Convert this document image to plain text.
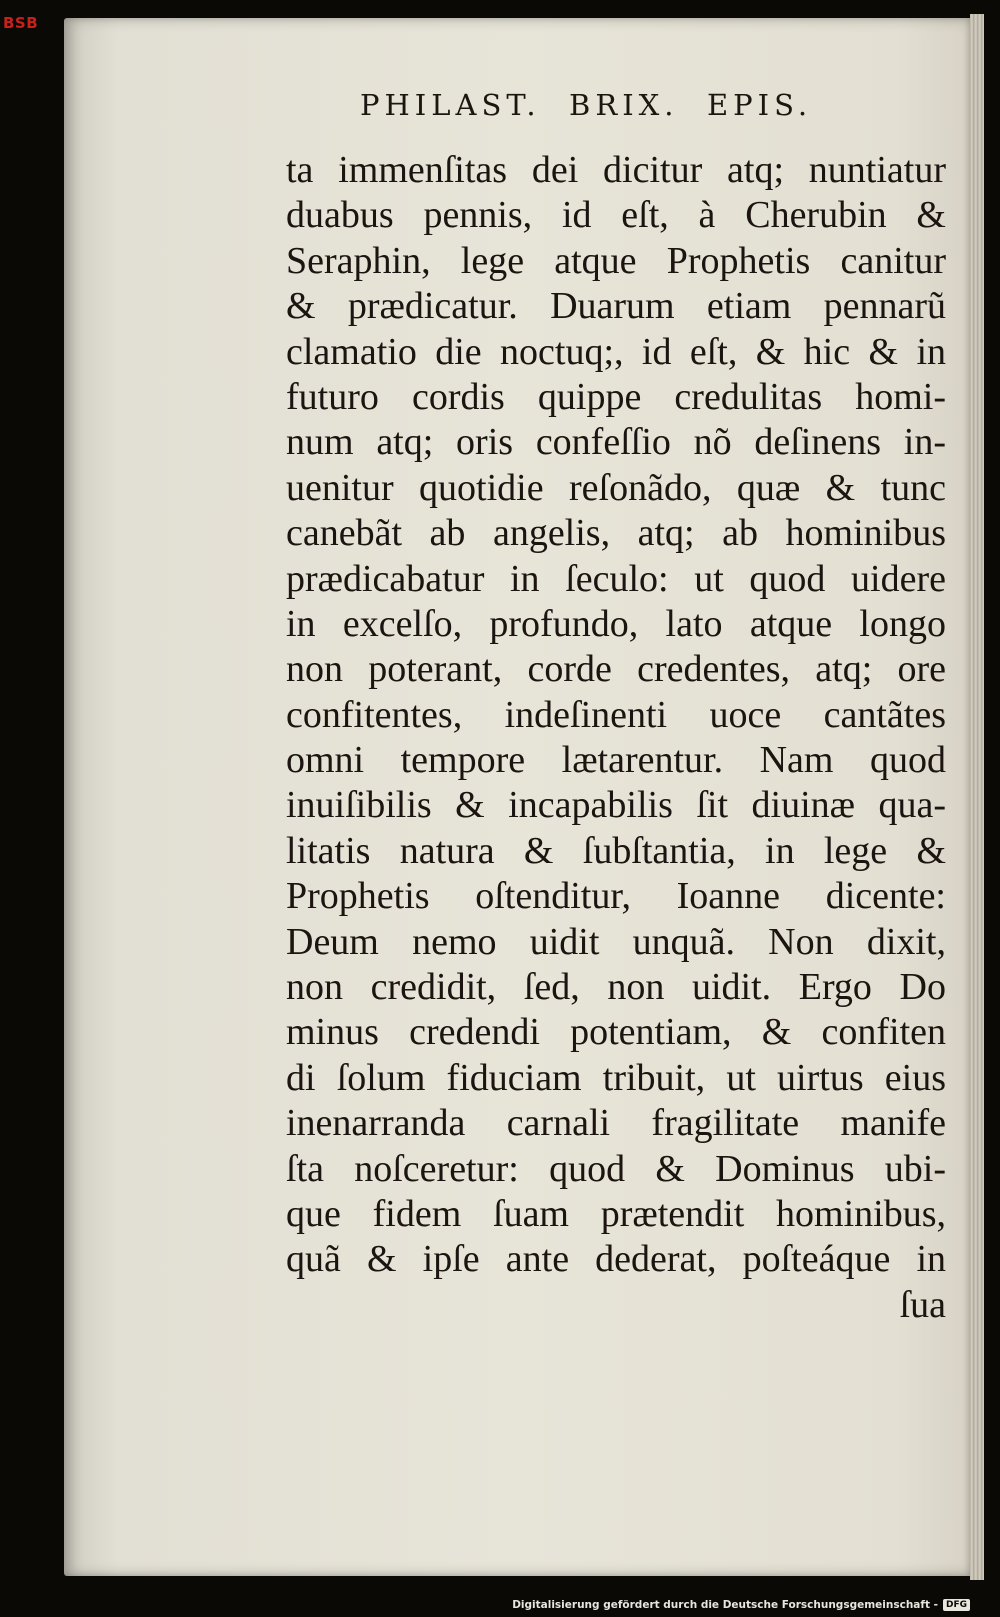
BSB
PHILAST.  BRIX.  EPIS.
ta immenſitas dei dicitur atq; nuntiatur
duabus pennis, id eſt, à Cherubin &
Seraphin, lege atque Prophetis canitur
& prædicatur. Duarum etiam pennarũ
clamatio die noctuq;, id eſt, & hic & in
futuro cordis quippe credulitas homi-
num atq; oris confeſſio nõ deſinens in-
uenitur quotidie reſonãdo, quæ & tunc
canebãt ab angelis, atq; ab hominibus
prædicabatur in ſeculo: ut quod uidere
in excelſo, profundo, lato atque longo
non poterant, corde credentes, atq; ore
confitentes, indeſinenti uoce cantãtes
omni tempore lætarentur. Nam quod
inuiſibilis & incapabilis ſit diuinæ qua-
litatis natura & ſubſtantia, in lege &
Prophetis oſtenditur, Ioanne dicente:
Deum nemo uidit unquã. Non dixit,
non credidit, ſed, non uidit. Ergo Do
minus credendi potentiam, & confiten
di ſolum fiduciam tribuit, ut uirtus eius
inenarranda carnali fragilitate manife
ſta noſceretur: quod & Dominus ubi-
que fidem ſuam prætendit hominibus,
quã & ipſe ante dederat, poſteáque in
ſua
Digitalisierung gefördert durch die Deutsche Forschungsgemeinschaft - DFG
